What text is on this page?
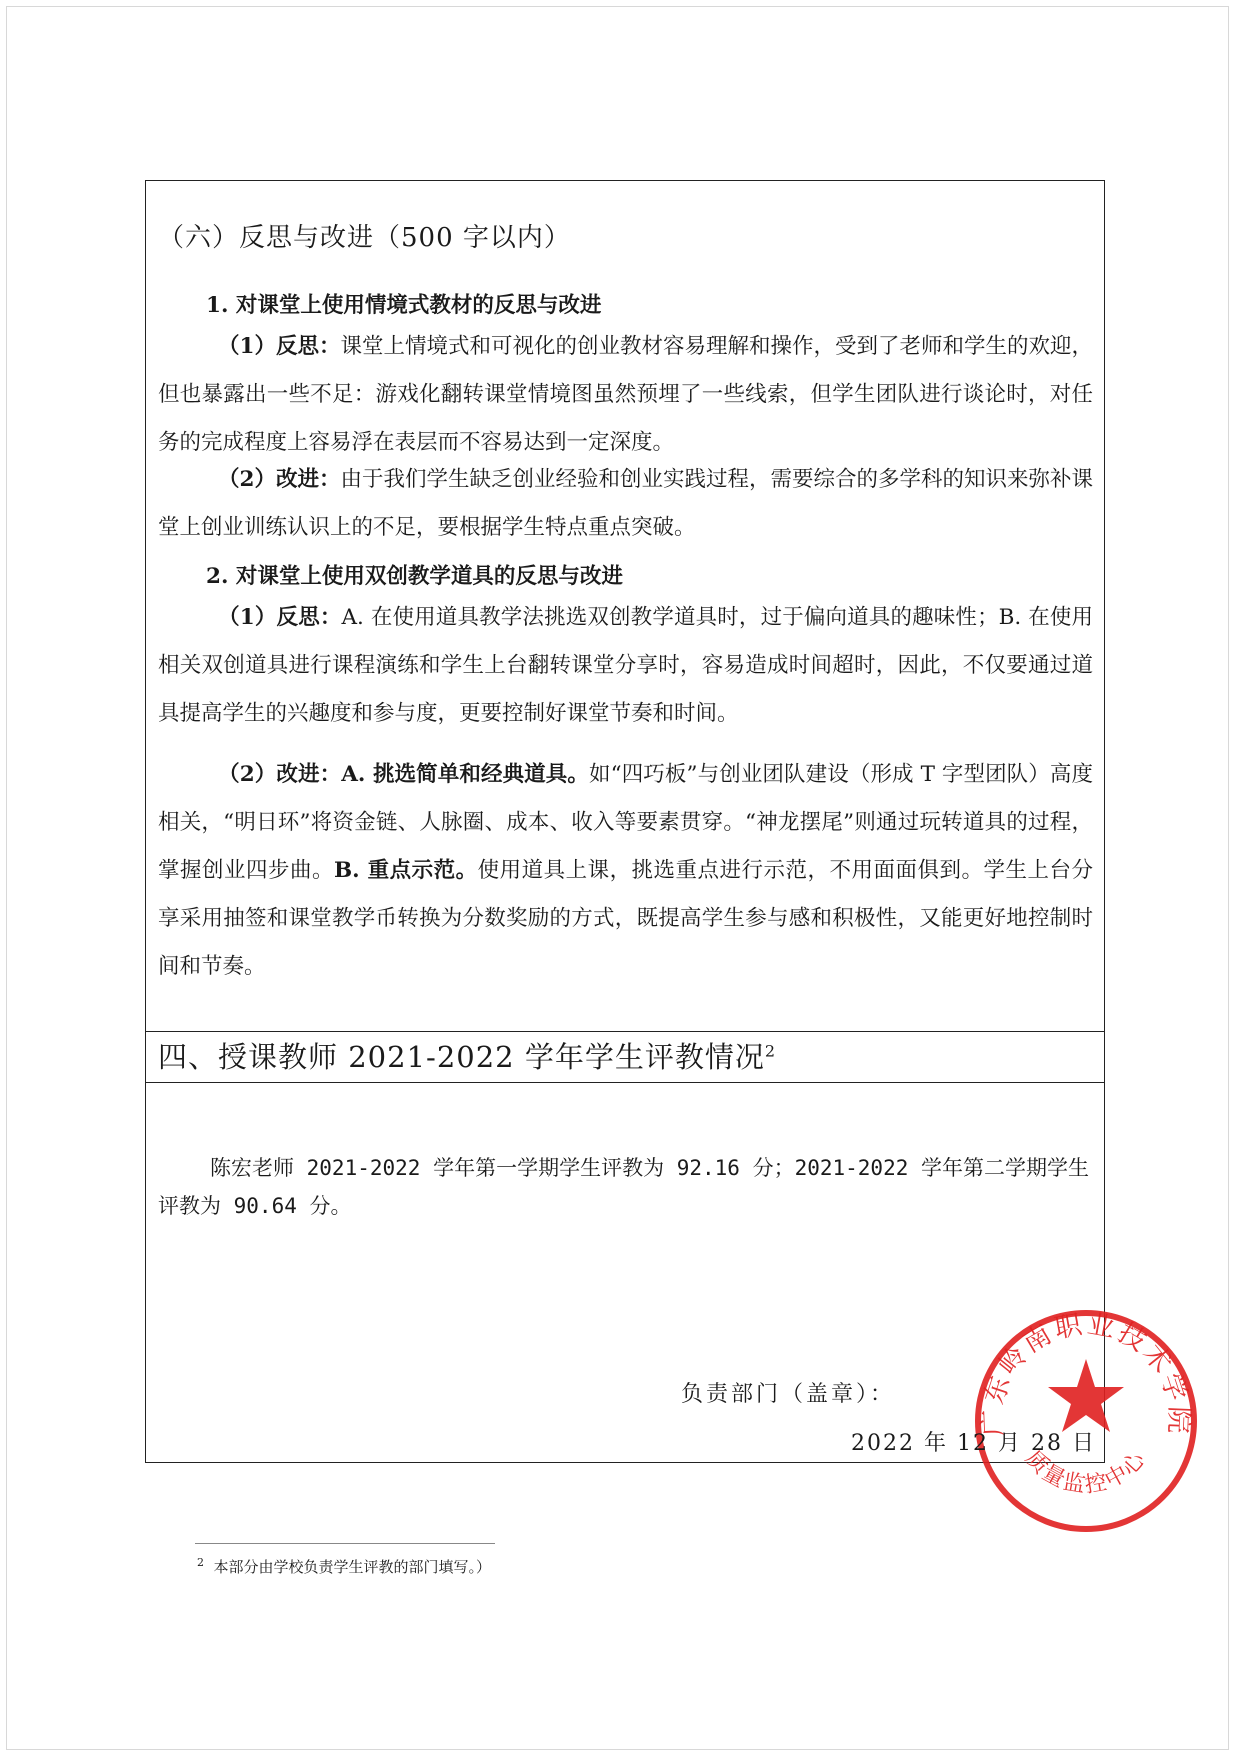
（六）反思与改进（500 字以内）
1. 对课堂上使用情境式教材的反思与改进
（1）反思：课堂上情境式和可视化的创业教材容易理解和操作，受到了老师和学生的欢迎，但也暴露出一些不足：游戏化翻转课堂情境图虽然预埋了一些线索，但学生团队进行谈论时，对任务的完成程度上容易浮在表层而不容易达到一定深度。
（2）改进：由于我们学生缺乏创业经验和创业实践过程，需要综合的多学科的知识来弥补课堂上创业训练认识上的不足，要根据学生特点重点突破。
2. 对课堂上使用双创教学道具的反思与改进
（1）反思：A. 在使用道具教学法挑选双创教学道具时，过于偏向道具的趣味性；B. 在使用相关双创道具进行课程演练和学生上台翻转课堂分享时，容易造成时间超时，因此，不仅要通过道具提高学生的兴趣度和参与度，更要控制好课堂节奏和时间。
（2）改进：A. 挑选简单和经典道具。如“四巧板”与创业团队建设（形成 T 字型团队）高度相关，“明日环”将资金链、人脉圈、成本、收入等要素贯穿。“神龙摆尾”则通过玩转道具的过程，掌握创业四步曲。B. 重点示范。使用道具上课，挑选重点进行示范，不用面面俱到。学生上台分享采用抽签和课堂教学币转换为分数奖励的方式，既提高学生参与感和积极性，又能更好地控制时间和节奏。
四、授课教师 2021-2022 学年学生评教情况$^2$
陈宏老师 2021-2022 学年第一学期学生评教为 92.16 分；2021-2022 学年第二学期学生评教为 90.64 分。
广东岭南职业技术学院
质量监控中心
负责部门（盖章）：
2022 年 12 月 28 日
$^2$ 本部分由学校负责学生评教的部门填写。）
